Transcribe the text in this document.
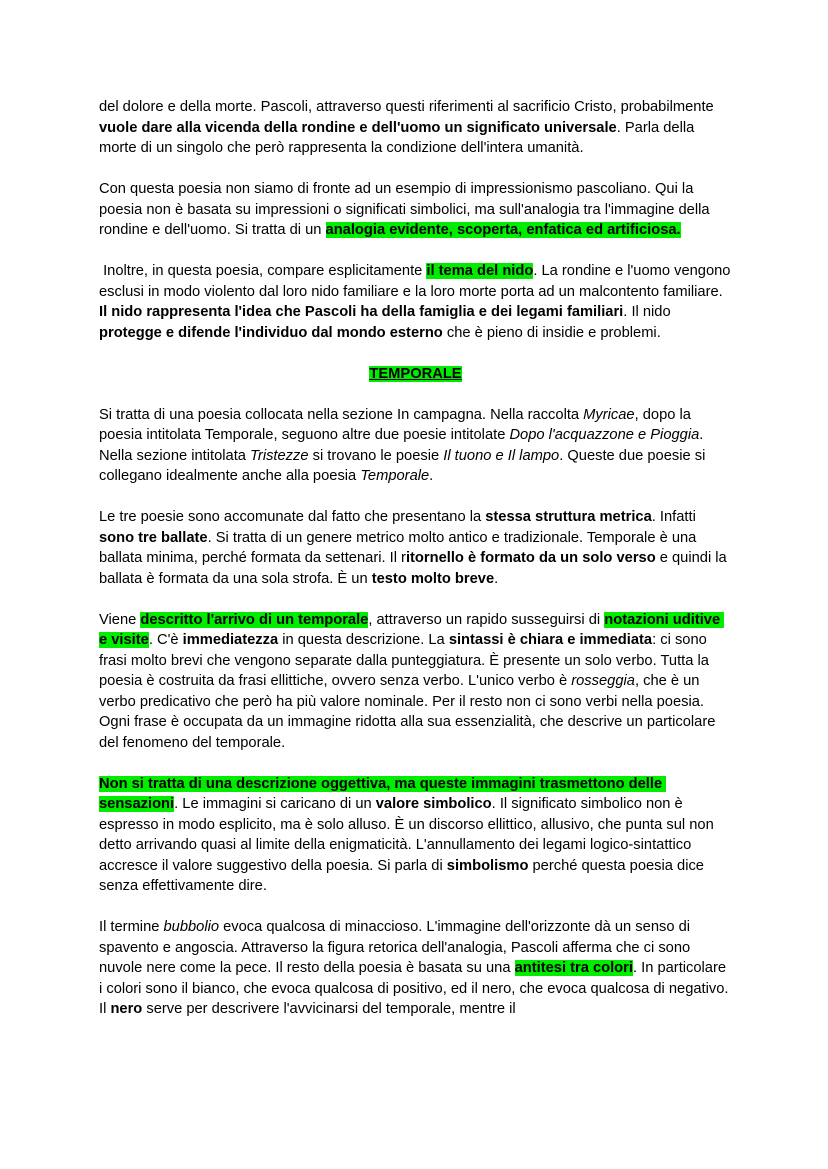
del dolore e della morte. Pascoli, attraverso questi riferimenti al sacrificio Cristo, probabilmente vuole dare alla vicenda della rondine e dell'uomo un significato universale. Parla della morte di un singolo che però rappresenta la condizione dell'intera umanità.

Con questa poesia non siamo di fronte ad un esempio di impressionismo pascoliano. Qui la poesia non è basata su impressioni o significati simbolici, ma sull'analogia tra l'immagine della rondine e dell'uomo. Si tratta di un analogia evidente, scoperta, enfatica ed artificiosa.

Inoltre, in questa poesia, compare esplicitamente il tema del nido. La rondine e l'uomo vengono esclusi in modo violento dal loro nido familiare e la loro morte porta ad un malcontento familiare. Il nido rappresenta l'idea che Pascoli ha della famiglia e dei legami familiari. Il nido protegge e difende l'individuo dal mondo esterno che è pieno di insidie e problemi.

TEMPORALE

Si tratta di una poesia collocata nella sezione In campagna. Nella raccolta Myricae, dopo la poesia intitolata Temporale, seguono altre due poesie intitolate Dopo l'acquazzone e Pioggia. Nella sezione intitolata Tristezze si trovano le poesie Il tuono e Il lampo. Queste due poesie si collegano idealmente anche alla poesia Temporale.

Le tre poesie sono accomunate dal fatto che presentano la stessa struttura metrica. Infatti sono tre ballate. Si tratta di un genere metrico molto antico e tradizionale. Temporale è una ballata minima, perché formata da settenari. Il ritornello è formato da un solo verso e quindi la ballata è formata da una sola strofa. È un testo molto breve.

Viene descritto l'arrivo di un temporale, attraverso un rapido susseguirsi di notazioni uditive e visite. C'è immediatezza in questa descrizione. La sintassi è chiara e immediata: ci sono frasi molto brevi che vengono separate dalla punteggiatura. È presente un solo verbo. Tutta la poesia è costruita da frasi ellittiche, ovvero senza verbo. L'unico verbo è rosseggia, che è un verbo predicativo che però ha più valore nominale. Per il resto non ci sono verbi nella poesia. Ogni frase è occupata da un immagine ridotta alla sua essenzialità, che descrive un particolare del fenomeno del temporale.

Non si tratta di una descrizione oggettiva, ma queste immagini trasmettono delle sensazioni. Le immagini si caricano di un valore simbolico. Il significato simbolico non è espresso in modo esplicito, ma è solo alluso. È un discorso ellittico, allusivo, che punta sul non detto arrivando quasi al limite della enigmaticità. L'annullamento dei legami logico-sintattico accresce il valore suggestivo della poesia. Si parla di simbolismo perché questa poesia dice senza effettivamente dire.

Il termine bubbolio evoca qualcosa di minaccioso. L'immagine dell'orizzonte dà un senso di spavento e angoscia. Attraverso la figura retorica dell'analogia, Pascoli afferma che ci sono nuvole nere come la pece. Il resto della poesia è basata su una antitesi tra colori. In particolare i colori sono il bianco, che evoca qualcosa di positivo, ed il nero, che evoca qualcosa di negativo. Il nero serve per descrivere l'avvicinarsi del temporale, mentre il
